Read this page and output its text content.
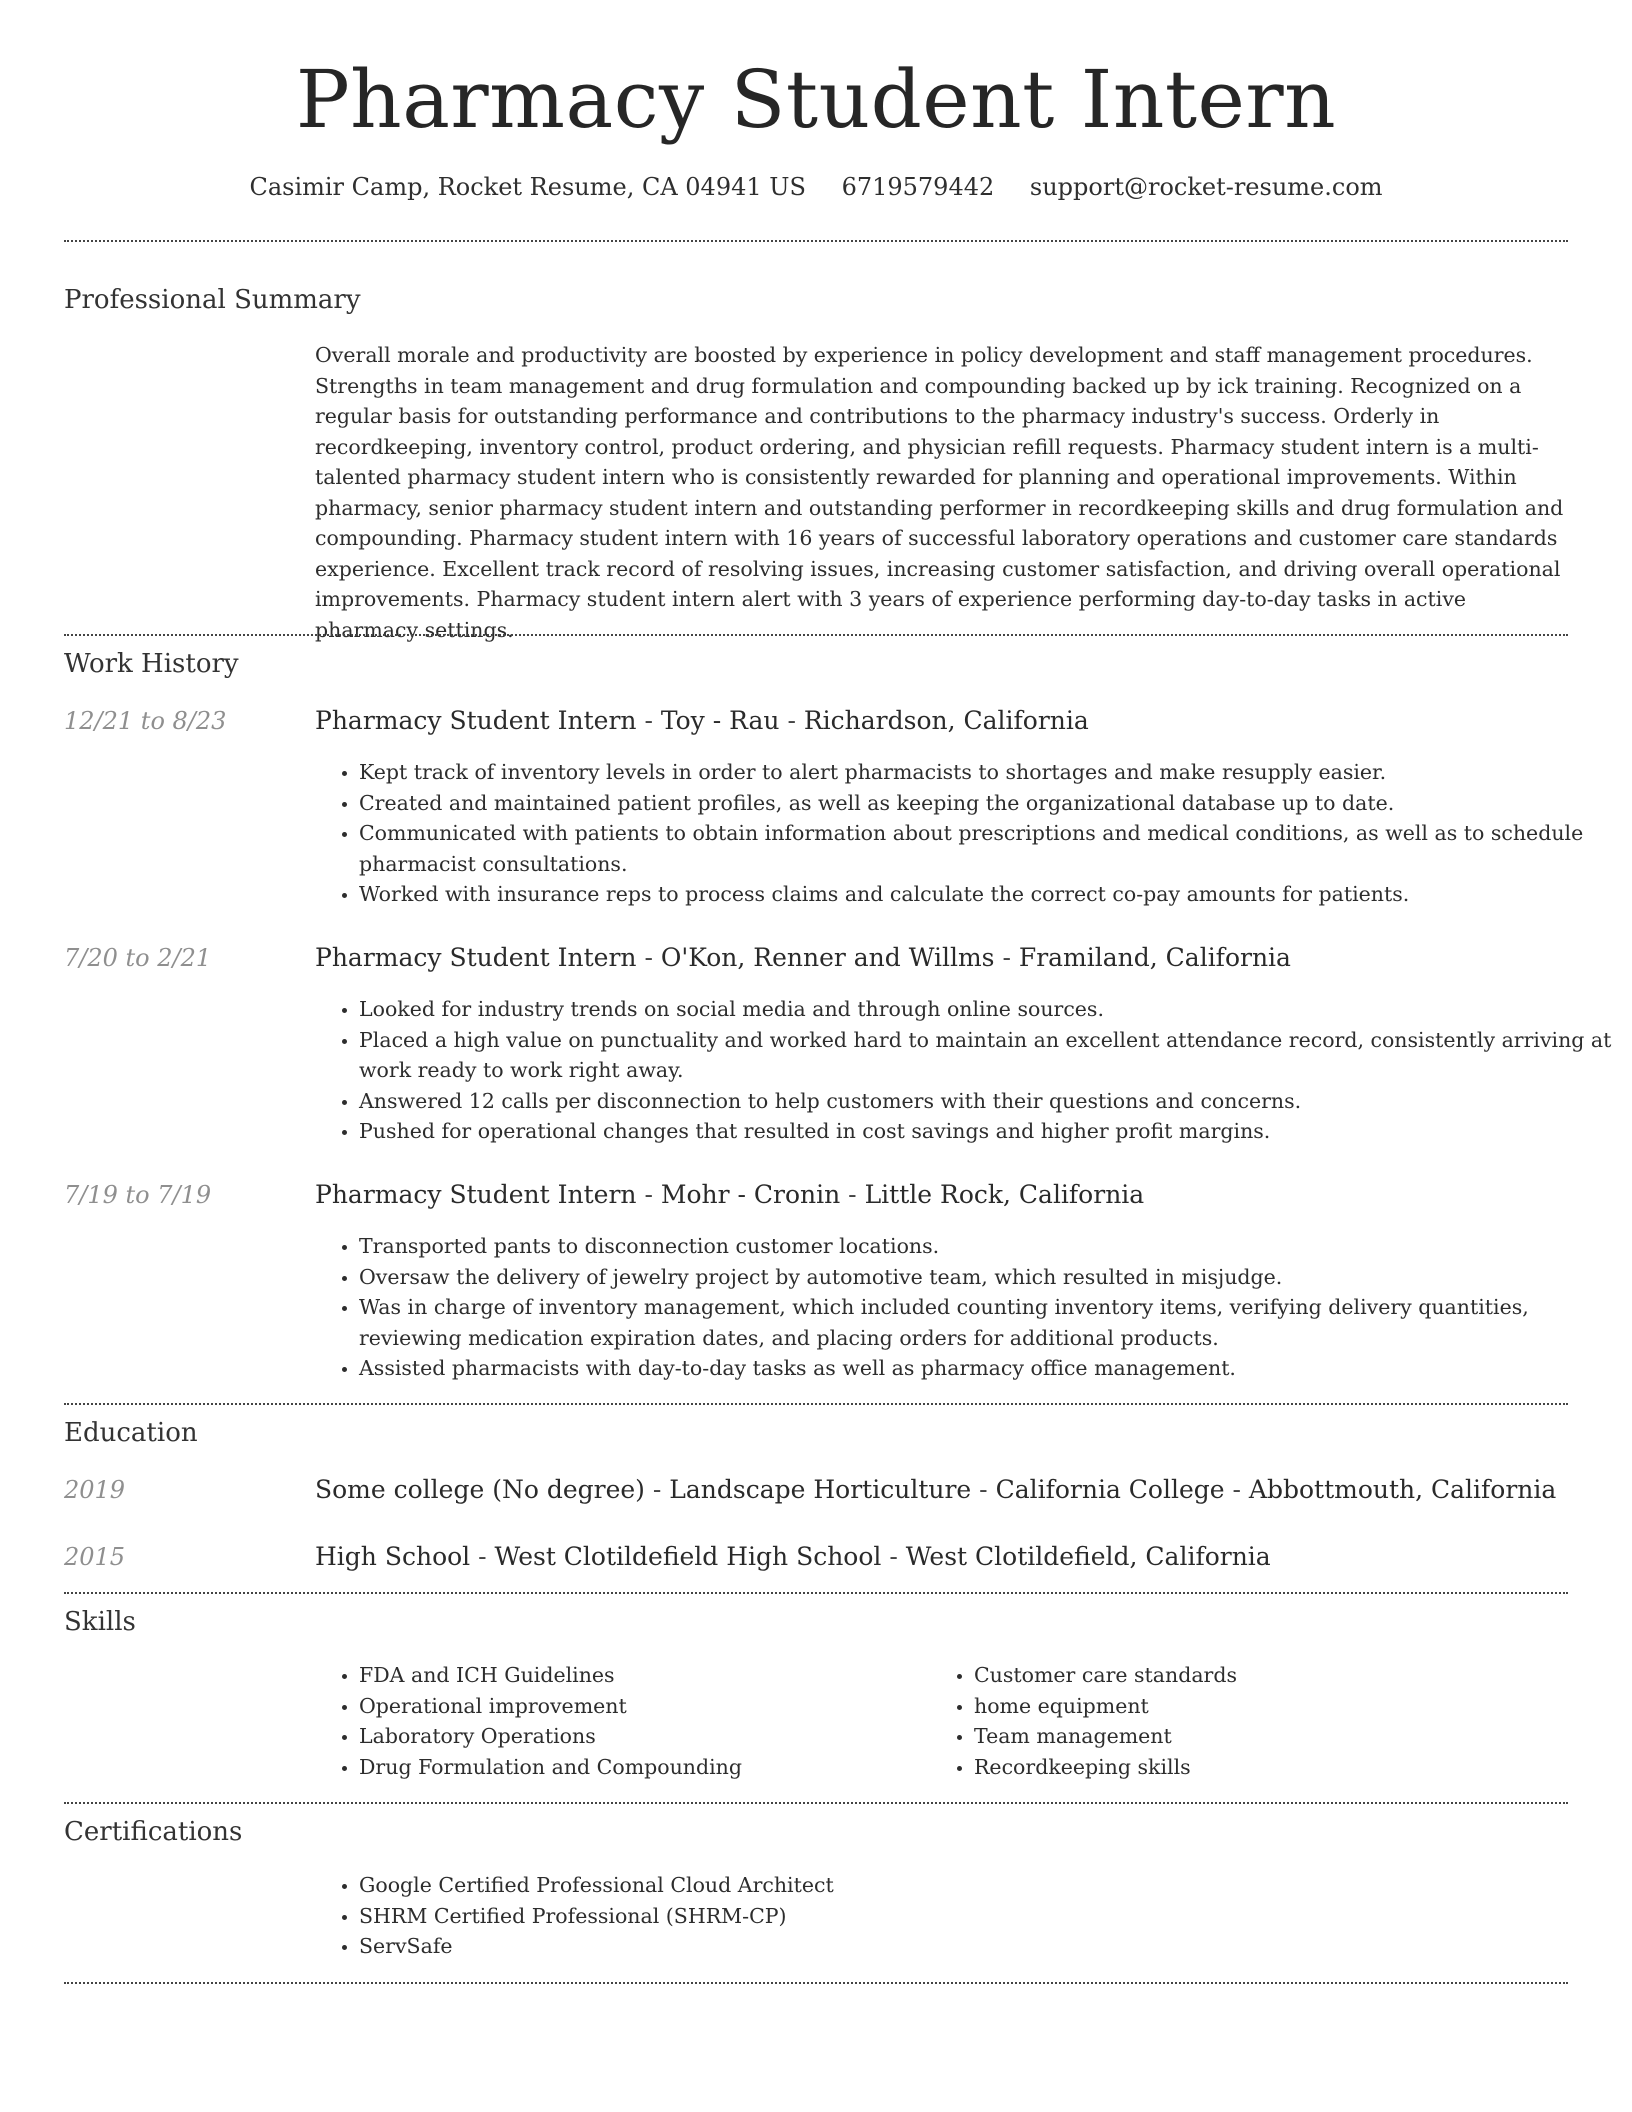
Pharmacy Student Intern
Casimir Camp, Rocket Resume, CA 04941 US 6719579442 support@rocket-resume.com
Professional Summary

Overall morale and productivity are boosted by experience in policy development and staff management procedures. Strengths in team management and drug formulation and compounding backed up by ick training. Recognized on a regular basis for outstanding performance and contributions to the pharmacy industry's success. Orderly in recordkeeping, inventory control, product ordering, and physician refill requests. Pharmacy student intern is a multi-talented pharmacy student intern who is consistently rewarded for planning and operational improvements. Within pharmacy, senior pharmacy student intern and outstanding performer in recordkeeping skills and drug formulation and compounding. Pharmacy student intern with 16 years of successful laboratory operations and customer care standards experience. Excellent track record of resolving issues, increasing customer satisfaction, and driving overall operational improvements. Pharmacy student intern alert with 3 years of experience performing day-to-day tasks in active pharmacy settings.

Work History
12/21 to 8/23	Pharmacy Student Intern - Toy - Rau - Richardson, California
• Kept track of inventory levels in order to alert pharmacists to shortages and make resupply easier.
• Created and maintained patient profiles, as well as keeping the organizational database up to date.
• Communicated with patients to obtain information about prescriptions and medical conditions, as well as to schedule pharmacist consultations.
• Worked with insurance reps to process claims and calculate the correct co-pay amounts for patients.
7/20 to 2/21	Pharmacy Student Intern - O'Kon, Renner and Willms - Framiland, California
• Looked for industry trends on social media and through online sources.
• Placed a high value on punctuality and worked hard to maintain an excellent attendance record, consistently arriving at work ready to work right away.
• Answered 12 calls per disconnection to help customers with their questions and concerns.
• Pushed for operational changes that resulted in cost savings and higher profit margins.
7/19 to 7/19	Pharmacy Student Intern - Mohr - Cronin - Little Rock, California
• Transported pants to disconnection customer locations.
• Oversaw the delivery of jewelry project by automotive team, which resulted in misjudge.
• Was in charge of inventory management, which included counting inventory items, verifying delivery quantities, reviewing medication expiration dates, and placing orders for additional products.
• Assisted pharmacists with day-to-day tasks as well as pharmacy office management.
Education
2019	Some college (No degree) - Landscape Horticulture - California College - Abbottmouth, California
2015	High School - West Clotildefield High School - West Clotildefield, California
Skills
• FDA and ICH Guidelines
• Operational improvement
• Laboratory Operations
• Drug Formulation and Compounding
• Customer care standards
• home equipment
• Team management
• Recordkeeping skills
Certifications
• Google Certified Professional Cloud Architect
• SHRM Certified Professional (SHRM-CP)
• ServSafe
